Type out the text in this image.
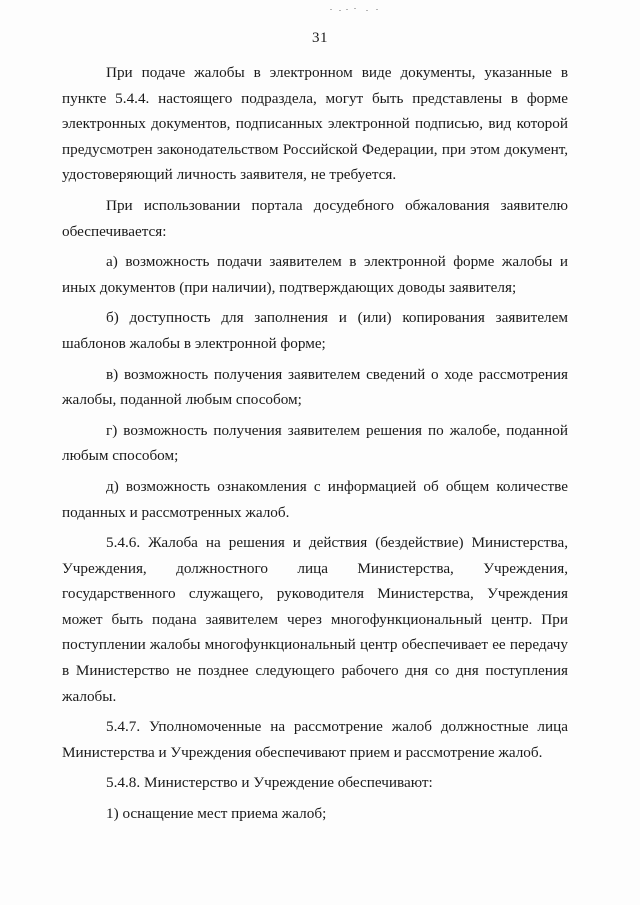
31

При подаче жалобы в электронном виде документы, указанные в пункте 5.4.4. настоящего подраздела, могут быть представлены в форме электронных документов, подписанных электронной подписью, вид которой предусмотрен законодательством Российской Федерации, при этом документ, удостоверяющий личность заявителя, не требуется.

При использовании портала досудебного обжалования заявителю обеспечивается:

а) возможность подачи заявителем в электронной форме жалобы и иных документов (при наличии), подтверждающих доводы заявителя;

б) доступность для заполнения и (или) копирования заявителем шаблонов жалобы в электронной форме;

в) возможность получения заявителем сведений о ходе рассмотрения жалобы, поданной любым способом;

г) возможность получения заявителем решения по жалобе, поданной любым способом;

д) возможность ознакомления с информацией об общем количестве поданных и рассмотренных жалоб.

5.4.6. Жалоба на решения и действия (бездействие) Министерства, Учреждения, должностного лица Министерства, Учреждения, государственного служащего, руководителя Министерства, Учреждения может быть подана заявителем через многофункциональный центр. При поступлении жалобы многофункциональный центр обеспечивает ее передачу в Министерство не позднее следующего рабочего дня со дня поступления жалобы.

5.4.7. Уполномоченные на рассмотрение жалоб должностные лица Министерства и Учреждения обеспечивают прием и рассмотрение жалоб.

5.4.8. Министерство и Учреждение обеспечивают:

1) оснащение мест приема жалоб;
